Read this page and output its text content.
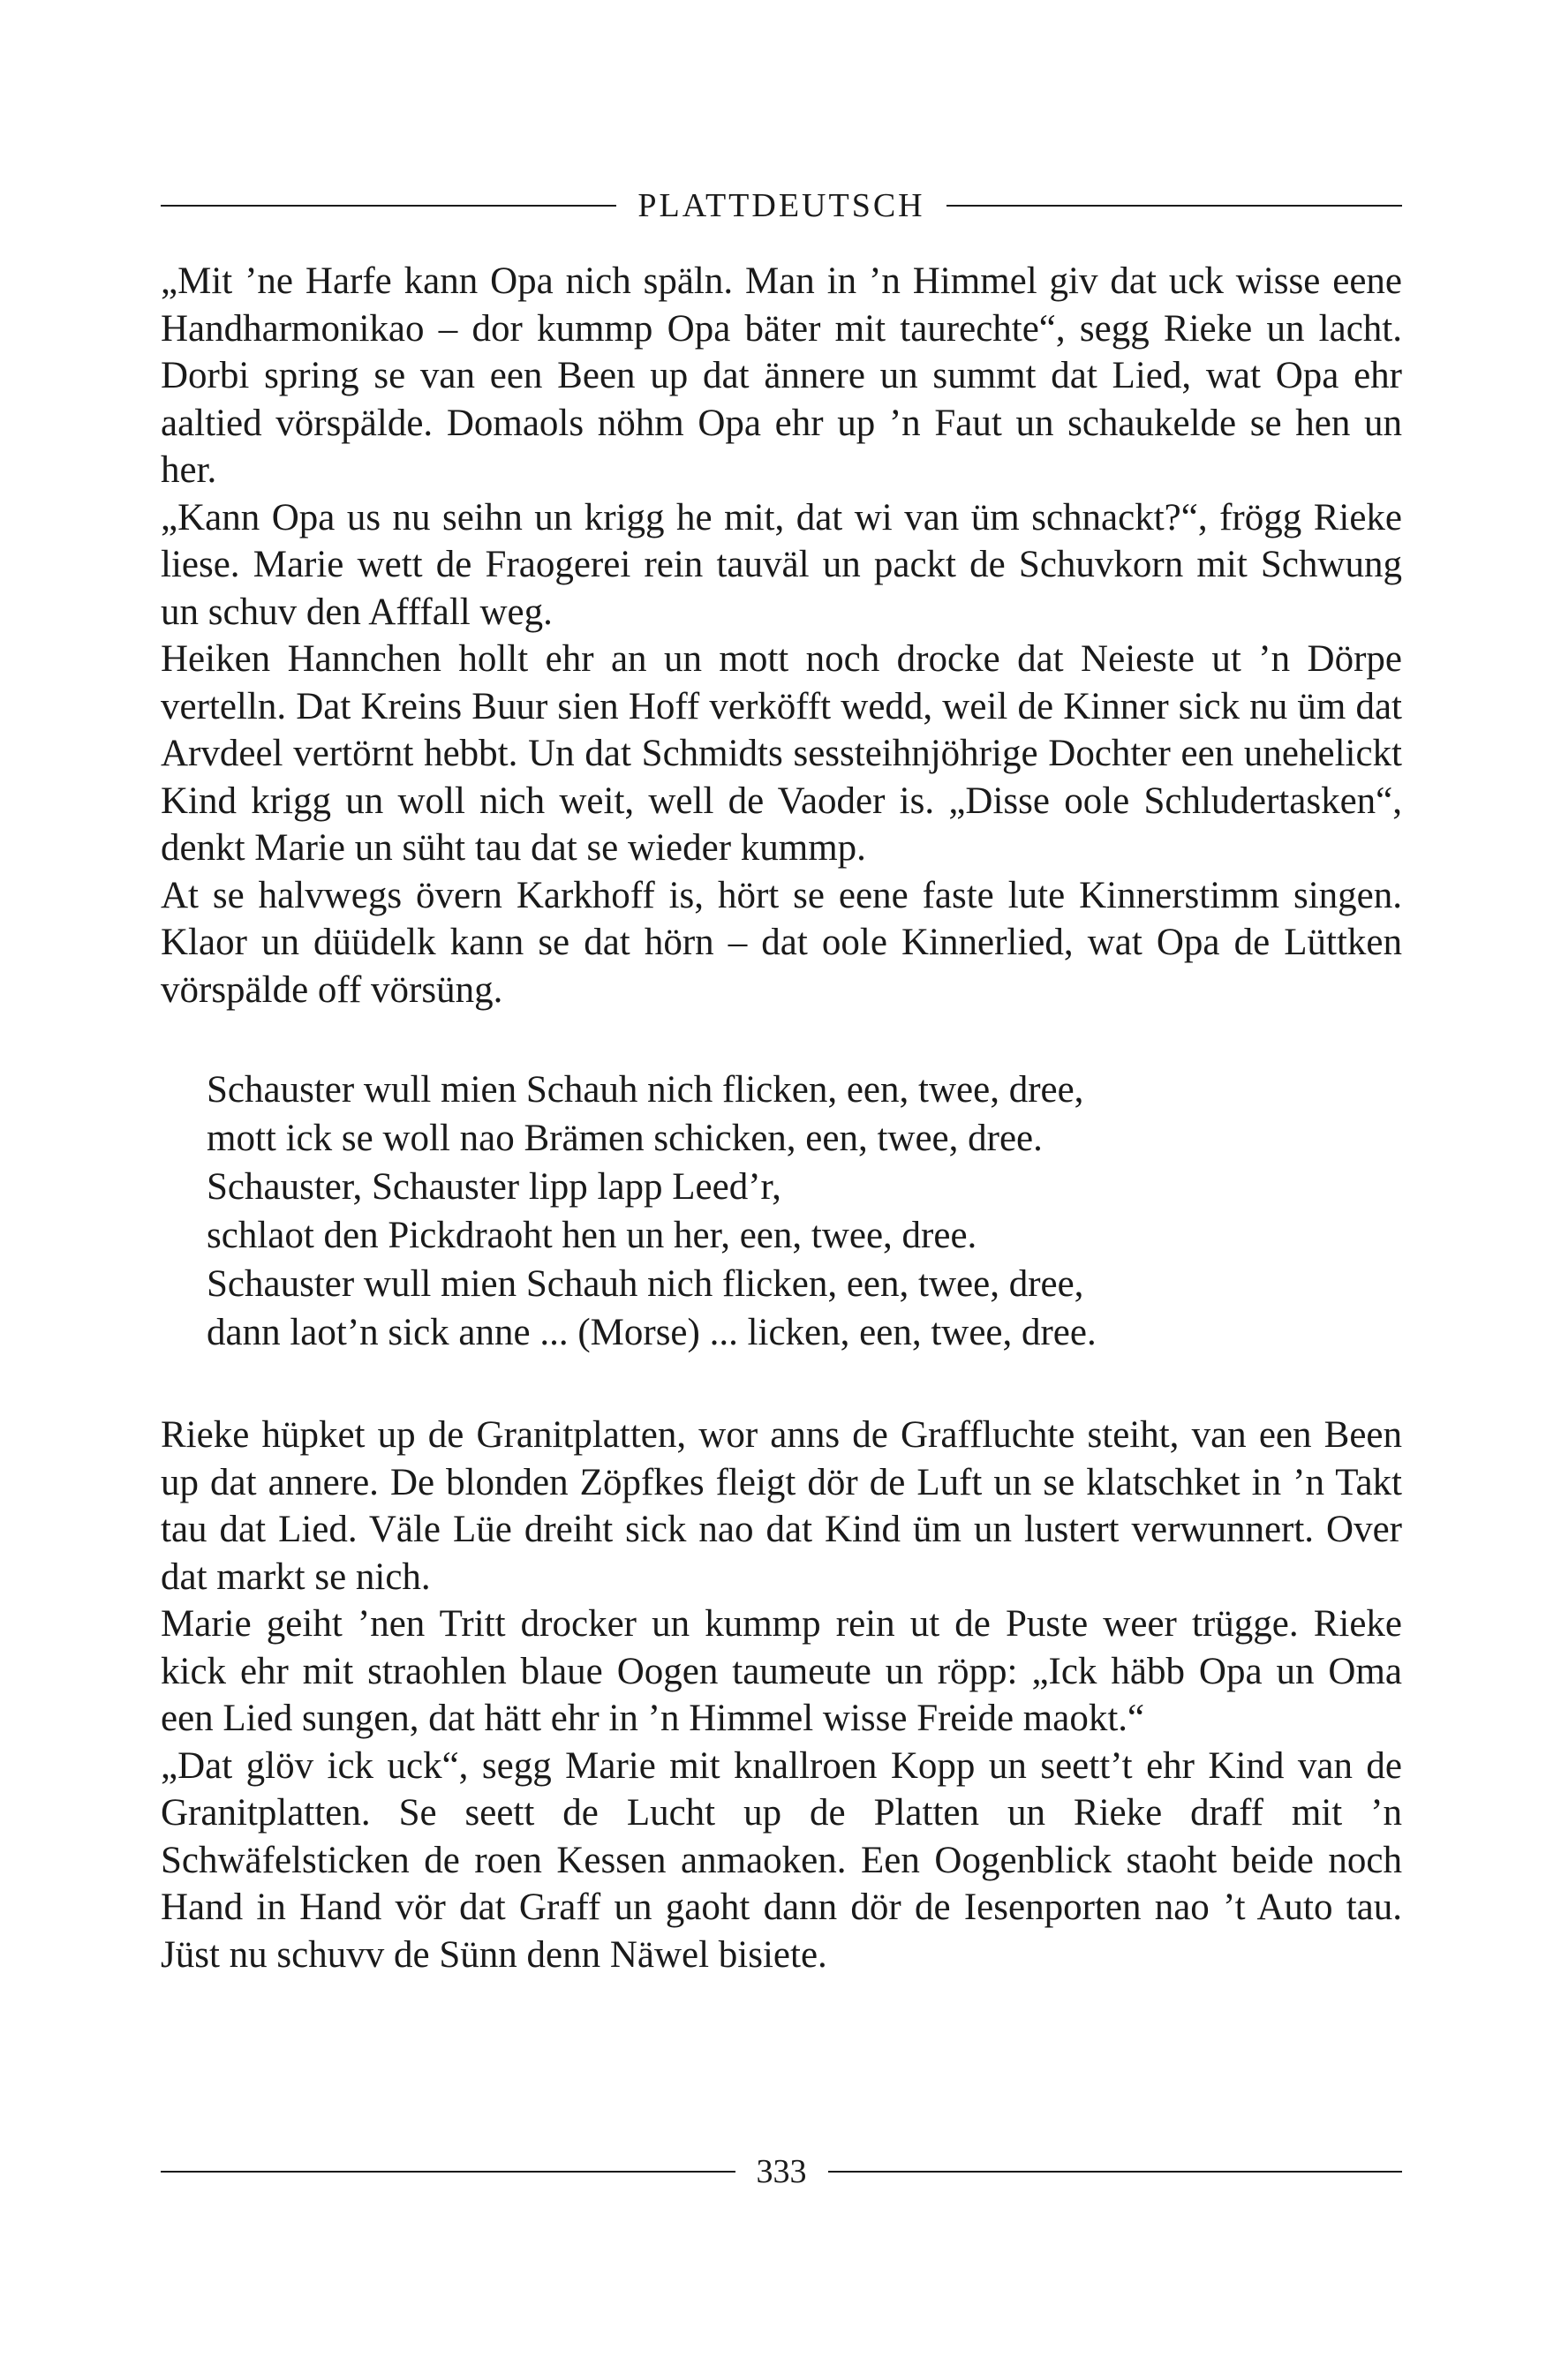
PLATTDEUTSCH

„Mit ’ne Harfe kann Opa nich späln. Man in ’n Himmel giv dat uck wisse eene Handharmonikao – dor kummp Opa bäter mit taurechte“, segg Rieke un lacht. Dorbi spring se van een Been up dat ännere un summt dat Lied, wat Opa ehr aaltied vörspälde. Domaols nöhm Opa ehr up ’n Faut un schaukelde se hen un her.

„Kann Opa us nu seihn un krigg he mit, dat wi van üm schnackt?“, frögg Rieke liese. Marie wett de Fraogerei rein tauväl un packt de Schuvkorn mit Schwung un schuv den Afffall weg.

Heiken Hannchen hollt ehr an un mott noch drocke dat Neieste ut ’n Dörpe vertelln. Dat Kreins Buur sien Hoff verköfft wedd, weil de Kinner sick nu üm dat Arvdeel vertörnt hebbt. Un dat Schmidts sessteihnjöhrige Dochter een unehelickt Kind krigg un woll nich weit, well de Vaoder is. „Disse oole Schludertasken“, denkt Marie un süht tau dat se wieder kummp.

At se halvwegs övern Karkhoff is, hört se eene faste lute Kinnerstimm singen. Klaor un düüdelk kann se dat hörn – dat oole Kinnerlied, wat Opa de Lüttken vörspälde off vörsüng.

Schauster wull mien Schauh nich flicken, een, twee, dree,
mott ick se woll nao Brämen schicken, een, twee, dree.
Schauster, Schauster lipp lapp Leed’r,
schlaot den Pickdraoht hen un her, een, twee, dree.
Schauster wull mien Schauh nich flicken, een, twee, dree,
dann laot’n sick anne ... (Morse) ... licken, een, twee, dree.

Rieke hüpket up de Granitplatten, wor anns de Graffluchte steiht, van een Been up dat annere. De blonden Zöpfkes fleigt dör de Luft un se klatschket in ’n Takt tau dat Lied. Väle Lüe dreiht sick nao dat Kind üm un lustert verwunnert. Over dat markt se nich.

Marie geiht ’nen Tritt drocker un kummp rein ut de Puste weer trügge. Rieke kick ehr mit straohlen blaue Oogen taumeute un röpp: „Ick häbb Opa un Oma een Lied sungen, dat hätt ehr in ’n Himmel wisse Freide maokt.“

„Dat glöv ick uck“, segg Marie mit knallroen Kopp un seett’t ehr Kind van de Granitplatten. Se seett de Lucht up de Platten un Rieke draff mit ’n Schwäfelsticken de roen Kessen anmaoken. Een Oogenblick staoht beide noch Hand in Hand vör dat Graff un gaoht dann dör de Iesenporten nao ’t Auto tau. Jüst nu schuvv de Sünn denn Näwel bisiete.

333
